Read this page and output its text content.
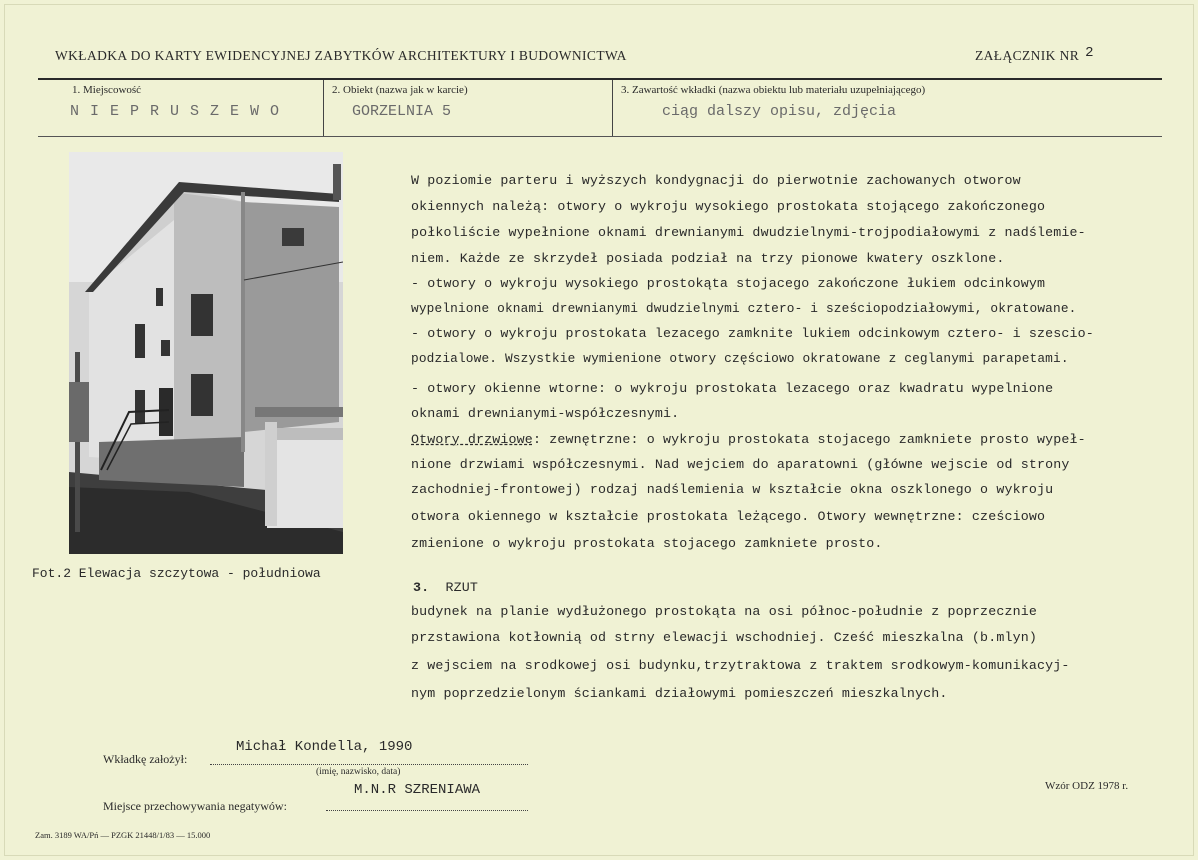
WKŁADKA DO KARTY EWIDENCYJNEJ ZABYTKÓW ARCHITEKTURY I BUDOWNICTWA	ZAŁĄCZNIK NR 2
1. Miejscowość
N I E P R U S Z E W O
2. Obiekt (nazwa jak w karcie)
GORZELNIA 5
3. Zawartość wkładki (nazwa obiektu lub materiału uzupełniającego)
ciąg dalszy opisu, zdjęcia
Fot.2 Elewacja szczytowa - południowa
W poziomie parteru i wyższych kondygnacji do pierwotnie zachowanych otworow
okiennych należą: otwory o wykroju wysokiego prostokata stojącego zakończonego
połkoliście wypełnione oknami drewnianymi dwudzielnymi-trojpodiałowymi z nadślemie-
niem. Każde ze skrzydeł posiada podział na trzy pionowe kwatery oszklone.
- otwory o wykroju wysokiego prostokąta stojacego zakończone łukiem odcinkowym
wypelnione oknami drewnianymi dwudzielnymi cztero- i sześciopodziałowymi, okratowane.
- otwory o wykroju prostokata lezacego zamknite lukiem odcinkowym cztero- i szescio-
podzialowe. Wszystkie wymienione otwory częściowo okratowane z ceglanymi parapetami.
- otwory okienne wtorne: o wykroju prostokata lezacego oraz kwadratu wypelnione
oknami drewnianymi-współczesnymi.
Otwory drzwiowe: zewnętrzne: o wykroju prostokata stojacego zamkniete prosto wypeł-
nione drzwiami współczesnymi. Nad wejciem do aparatowni (główne wejscie od strony
zachodniej-frontowej) rodzaj nadślemienia w kształcie okna oszklonego o wykroju
otwora okiennego w kształcie prostokata leżącego. Otwory wewnętrzne: cześciowo
zmienione o wykroju prostokata stojacego zamkniete prosto.
3. RZUT
budynek na planie wydłużonego prostokąta na osi północ-południe z poprzecznie
przstawiona kotłownią od strny elewacji wschodniej. Cześć mieszkalna (b.mlyn)
z wejsciem na srodkowej osi budynku,trzytraktowa z traktem srodkowym-komunikacyj-
nym poprzedzielonym ściankami działowymi pomieszczeń mieszkalnych.
Wkładkę założył:
Michał Kondella, 1990
(imię, nazwisko, data)
Miejsce przechowywania negatywów:
M.N.R SZRENIAWA	Wzór ODZ 1978 r.
Zam. 3189 WA/Pń — PZGK 21448/1/83 — 15.000
